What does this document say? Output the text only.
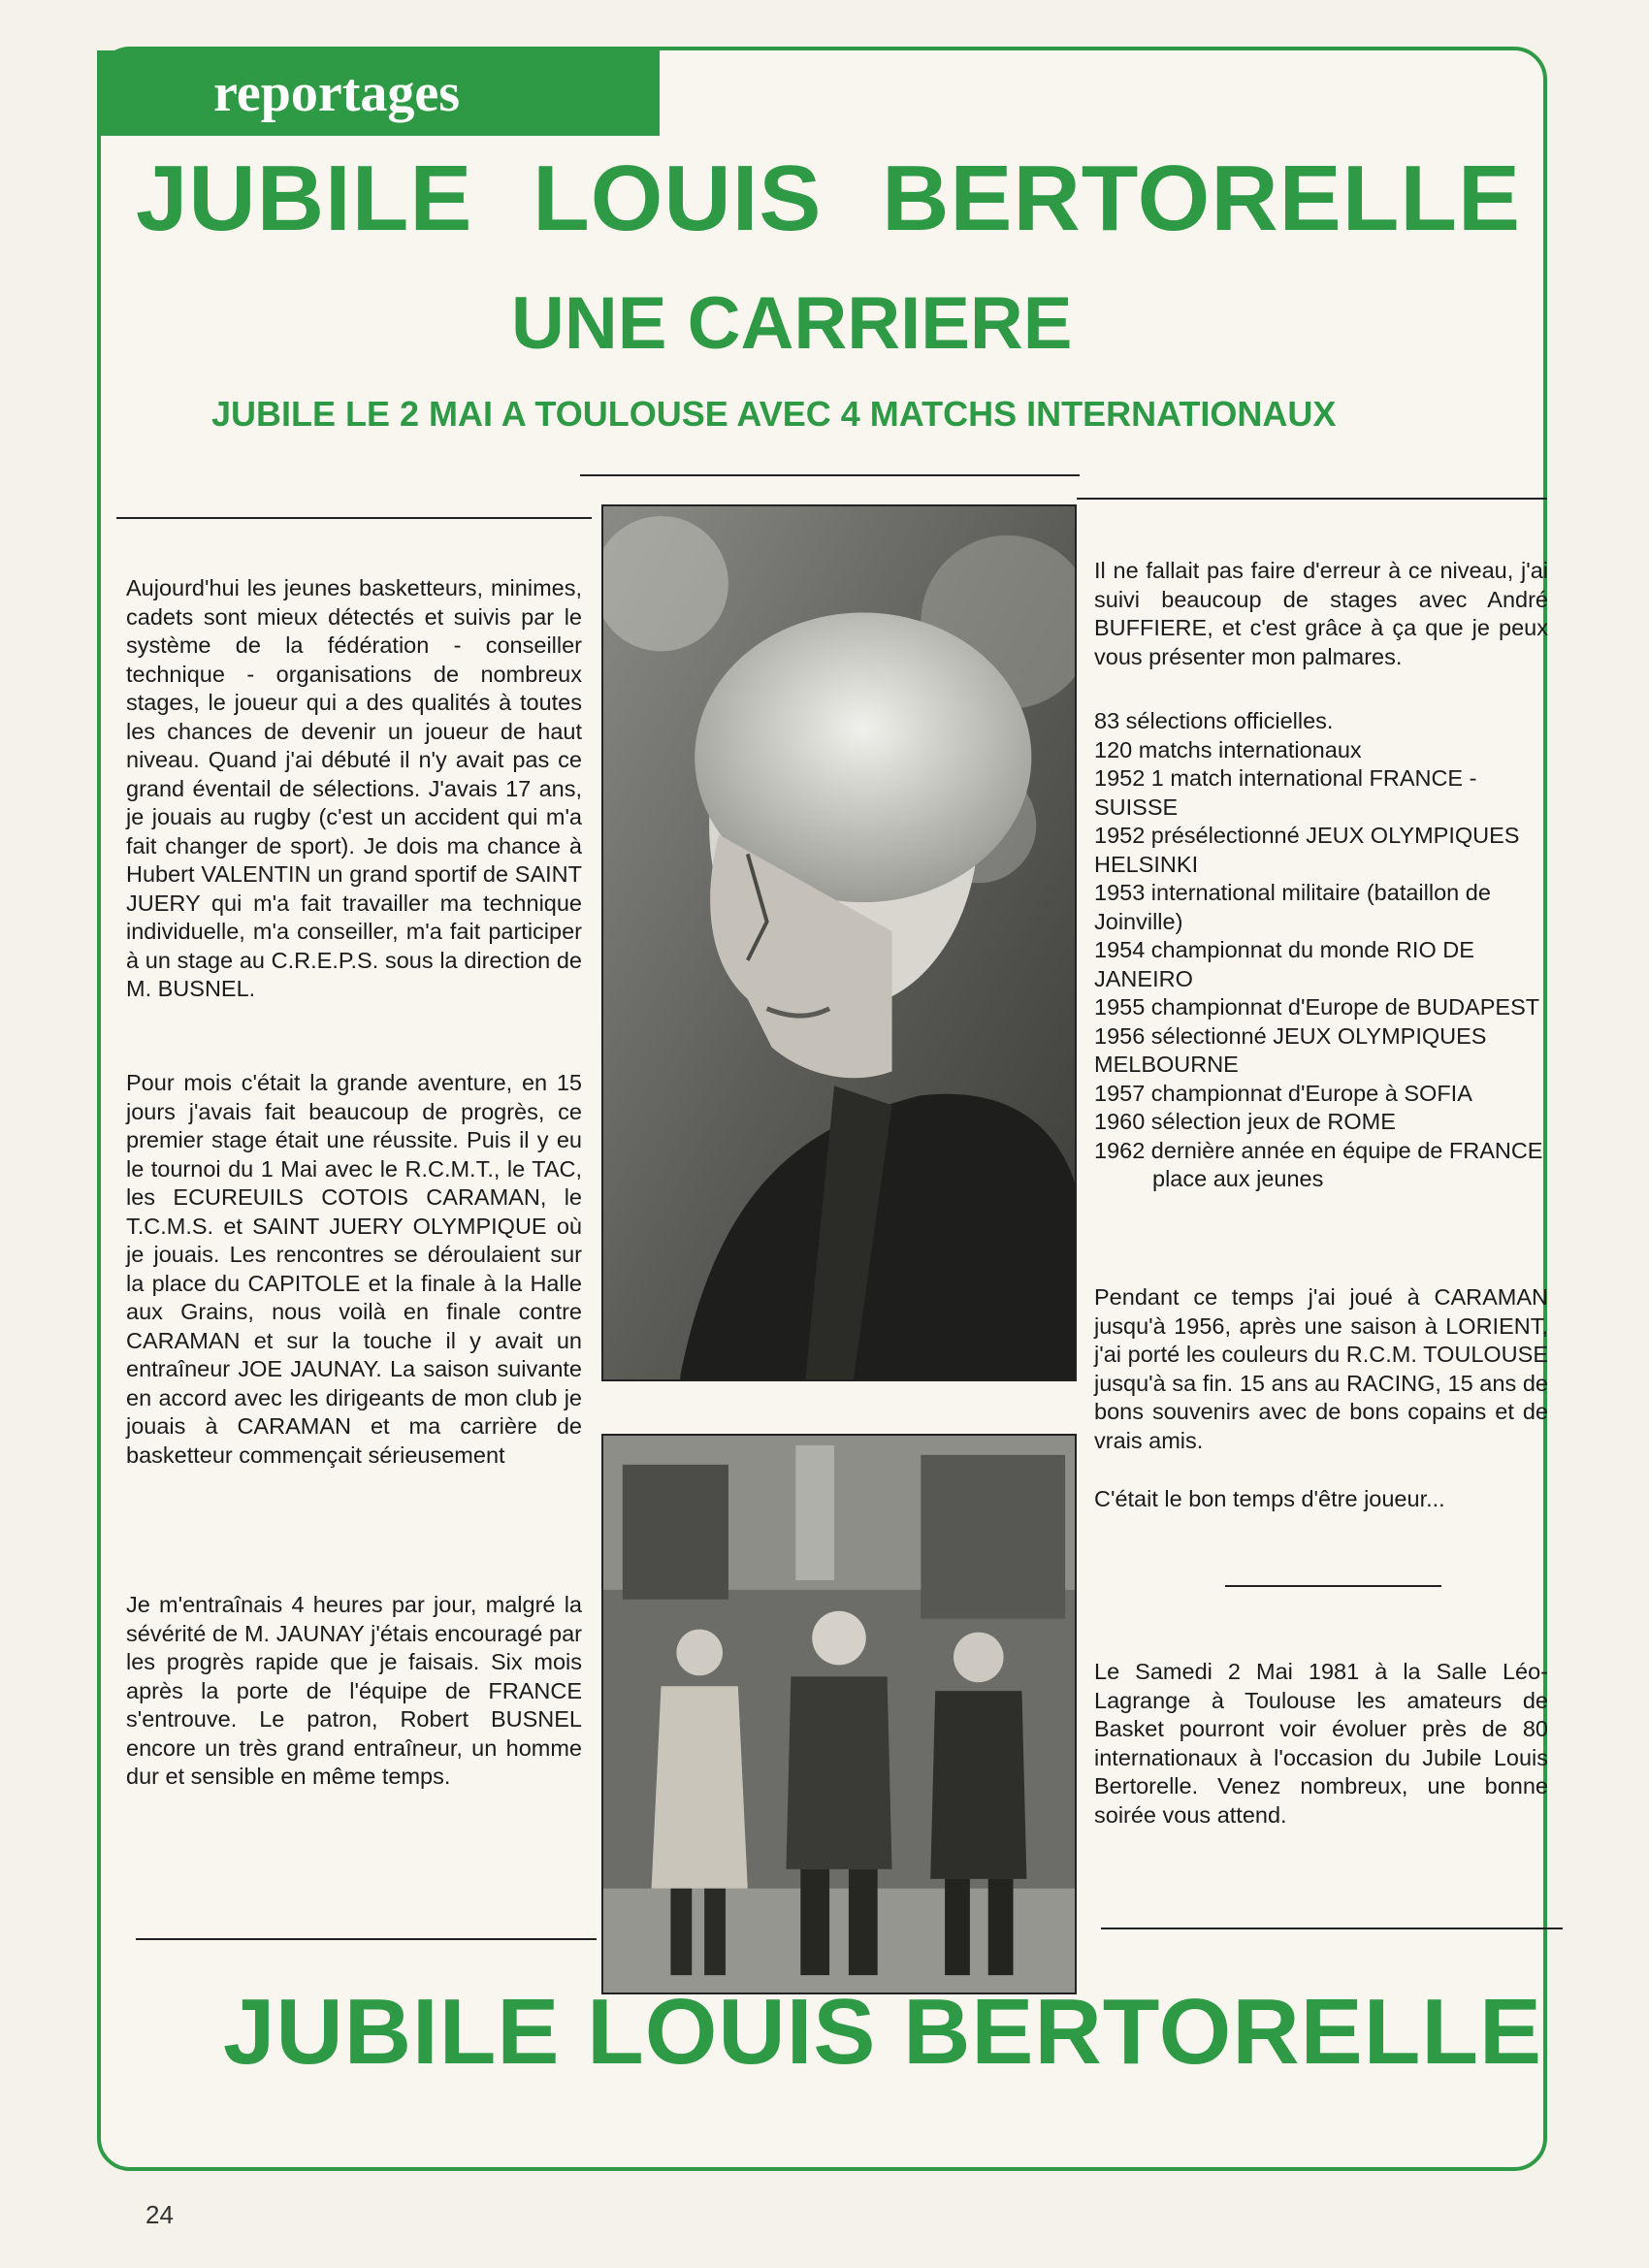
reportages
JUBILE LOUIS BERTORELLE
UNE CARRIERE
JUBILE LE 2 MAI A TOULOUSE AVEC 4 MATCHS INTERNATIONAUX

Aujourd'hui les jeunes basketteurs, minimes, cadets sont mieux détectés et suivis par le système de la fédération - conseiller technique - organisations de nombreux stages, le joueur qui a des qualités à toutes les chances de devenir un joueur de haut niveau. Quand j'ai débuté il n'y avait pas ce grand éventail de sélections. J'avais 17 ans, je jouais au rugby (c'est un accident qui m'a fait changer de sport). Je dois ma chance à Hubert VALENTIN un grand sportif de SAINT JUERY qui m'a fait travailler ma technique individuelle, m'a conseiller, m'a fait participer à un stage au C.R.E.P.S. sous la direction de M. BUSNEL.

Pour mois c'était la grande aventure, en 15 jours j'avais fait beaucoup de progrès, ce premier stage était une réussite. Puis il y eu le tournoi du 1 Mai avec le R.C.M.T., le TAC, les ECUREUILS COTOIS CARAMAN, le T.C.M.S. et SAINT JUERY OLYMPIQUE où je jouais. Les rencontres se déroulaient sur la place du CAPITOLE et la finale à la Halle aux Grains, nous voilà en finale contre CARAMAN et sur la touche il y avait un entraîneur JOE JAUNAY. La saison suivante en accord avec les dirigeants de mon club je jouais à CARAMAN et ma carrière de basketteur commençait sérieusement

Je m'entraînais 4 heures par jour, malgré la sévérité de M. JAUNAY j'étais encouragé par les progrès rapide que je faisais. Six mois après la porte de l'équipe de FRANCE s'entrouve. Le patron, Robert BUSNEL encore un très grand entraîneur, un homme dur et sensible en même temps.

Il ne fallait pas faire d'erreur à ce niveau, j'ai suivi beaucoup de stages avec André BUFFIERE, et c'est grâce à ça que je peux vous présenter mon palmares.

83 sélections officielles.
120 matchs internationaux
1952 1 match international FRANCE - SUISSE
1952 présélectionné JEUX OLYMPIQUES HELSINKI
1953 international militaire (bataillon de Joinville)
1954 championnat du monde RIO DE JANEIRO
1955 championnat d'Europe de BUDAPEST
1956 sélectionné JEUX OLYMPIQUES MELBOURNE
1957 championnat d'Europe à SOFIA
1960 sélection jeux de ROME
1962 dernière année en équipe de FRANCE
place aux jeunes

Pendant ce temps j'ai joué à CARAMAN jusqu'à 1956, après une saison à LORIENT, j'ai porté les couleurs du R.C.M. TOULOUSE jusqu'à sa fin. 15 ans au RACING, 15 ans de bons souvenirs avec de bons copains et de vrais amis.

C'était le bon temps d'être joueur...

Le Samedi 2 Mai 1981 à la Salle Léo-Lagrange à Toulouse les amateurs de Basket pourront voir évoluer près de 80 internationaux à l'occasion du Jubile Louis Bertorelle. Venez nombreux, une bonne soirée vous attend.

JUBILE LOUIS BERTORELLE
24
